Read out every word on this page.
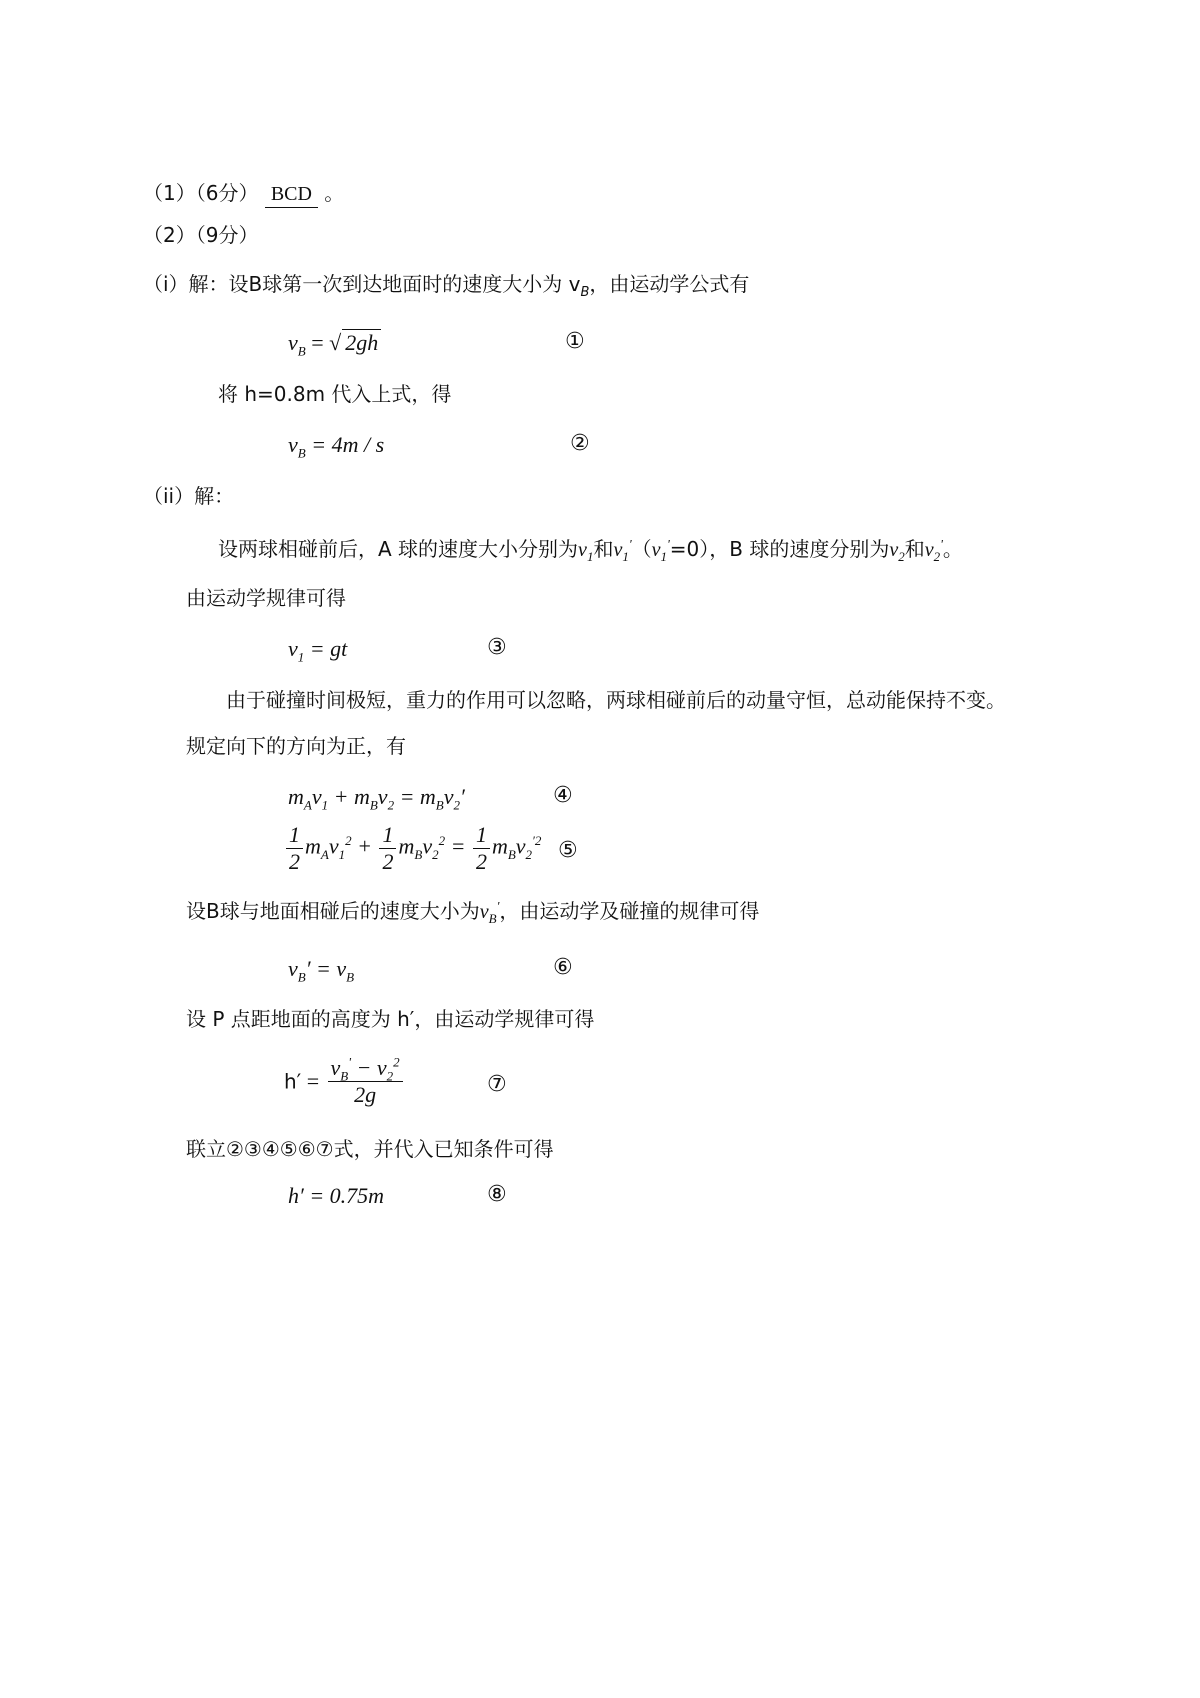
（1）（6分） BCD 。
（2）（9分）
（i）解：设B球第一次到达地面时的速度大小为 $v_B$，由运动学公式有
$v_B$ = √ 2gh	①
将 h=0.8m 代入上式，得
$v_B = 4m / s$	②
（ii）解：
设两球相碰前后，A 球的速度大小分别为$v_1$和$v_1'(v_1'=0)$，B 球的速度分别为$v_2$和$v_2'$。
由运动学规律可得
$v_1$ = gt	③
由于碰撞时间极短，重力的作用可以忽略，两球相碰前后的动量守恒，总动能保持不变。
规定向下的方向为正，有
$m_Av_1 + m_Bv_2 = m_Bv_2'$	④
$\frac{1}{2} m_Av_1^2 + \frac{1}{2} m_Bv_2^2 = \frac{1}{2} m_Bv_2^{'2}$ ⑤
设B球与地面相碰后的速度大小为$v_B'$，由运动学及碰撞的规律可得
$v_B' = v_B$	⑥
设 P 点距地面的高度为 h′，由运动学规律可得
$h' = \frac{v_B' - v_2^2}{2g}$	⑦
联立②③④⑤⑥⑦式，并代入已知条件可得
h′ = 0.75m	⑧
